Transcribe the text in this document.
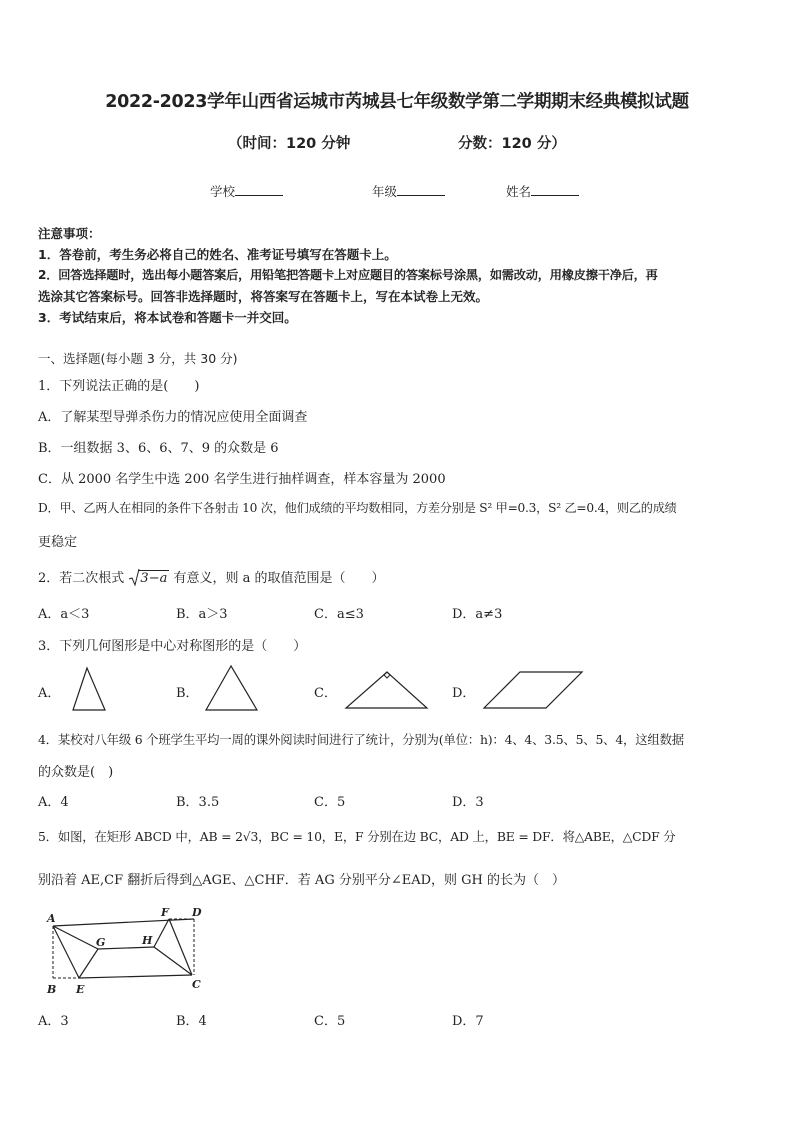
2022-2023学年山西省运城市芮城县七年级数学第二学期期末经典模拟试题
（时间：120 分钟	分数：120 分）
学校	年级	姓名
注意事项：
1．答卷前，考生务必将自己的姓名、准考证号填写在答题卡上。
2．回答选择题时，选出每小题答案后，用铅笔把答题卡上对应题目的答案标号涂黑，如需改动，用橡皮擦干净后，再
选涂其它答案标号。回答非选择题时，将答案写在答题卡上，写在本试卷上无效。
3．考试结束后，将本试卷和答题卡一并交回。
一、选择题(每小题 3 分，共 30 分)
1．下列说法正确的是(　　)
A．了解某型导弹杀伤力的情况应使用全面调查
B．一组数据 3、6、6、7、9 的众数是 6
C．从 2000 名学生中选 200 名学生进行抽样调查，样本容量为 2000
D．甲、乙两人在相同的条件下各射击 10 次，他们成绩的平均数相同，方差分别是 S² 甲=0.3，S² 乙=0.4，则乙的成绩
更稳定
2．若二次根式 3−a 有意义，则 a 的取值范围是（　　）
A．a＜3	B．a＞3	C．a≤3	D．a≠3
3．下列几何图形是中心对称图形的是（　　）
A．	B．	C．	D．
4．某校对八年级 6 个班学生平均一周的课外阅读时间进行了统计，分别为(单位：h)：4、4、3.5、5、5、4，这组数据
的众数是(　)
A．4	B．3.5	C．5	D．3
5．如图，在矩形 ABCD 中，AB = 2√3，BC = 10，E，F 分别在边 BC，AD 上，BE = DF．将△ABE，△CDF 分
别沿着 AE,CF 翻折后得到△AGE、△CHF．若 AG 分别平分∠EAD，则 GH 的长为（　）
A
B	C
D
E
F
G	H
A．3	B．4	C．5	D．7
